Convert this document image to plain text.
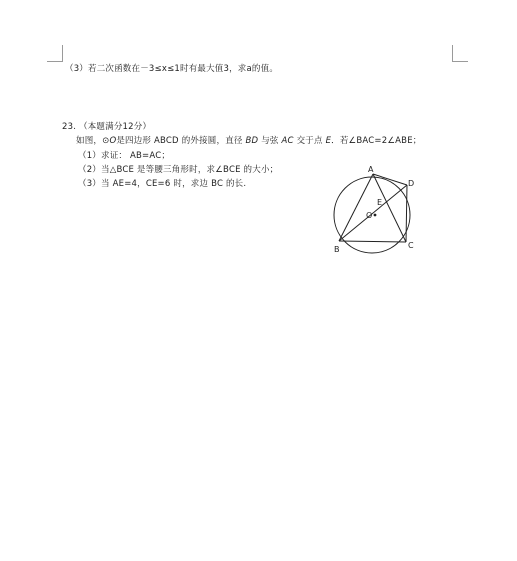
（3）若二次函数在－3≤x≤1时有最大值3，求a的值。
23. （本题满分12分）
如图，⊙O是四边形 ABCD 的外接圆，直径 BD 与弦 AC 交于点 E．若∠BAC=2∠ABE；
（1）求证： AB=AC；
（2）当△BCE 是等腰三角形时，求∠BCE 的大小；
（3）当 AE=4，CE=6 时，求边 BC 的长.
A
B	C
D
E
O
